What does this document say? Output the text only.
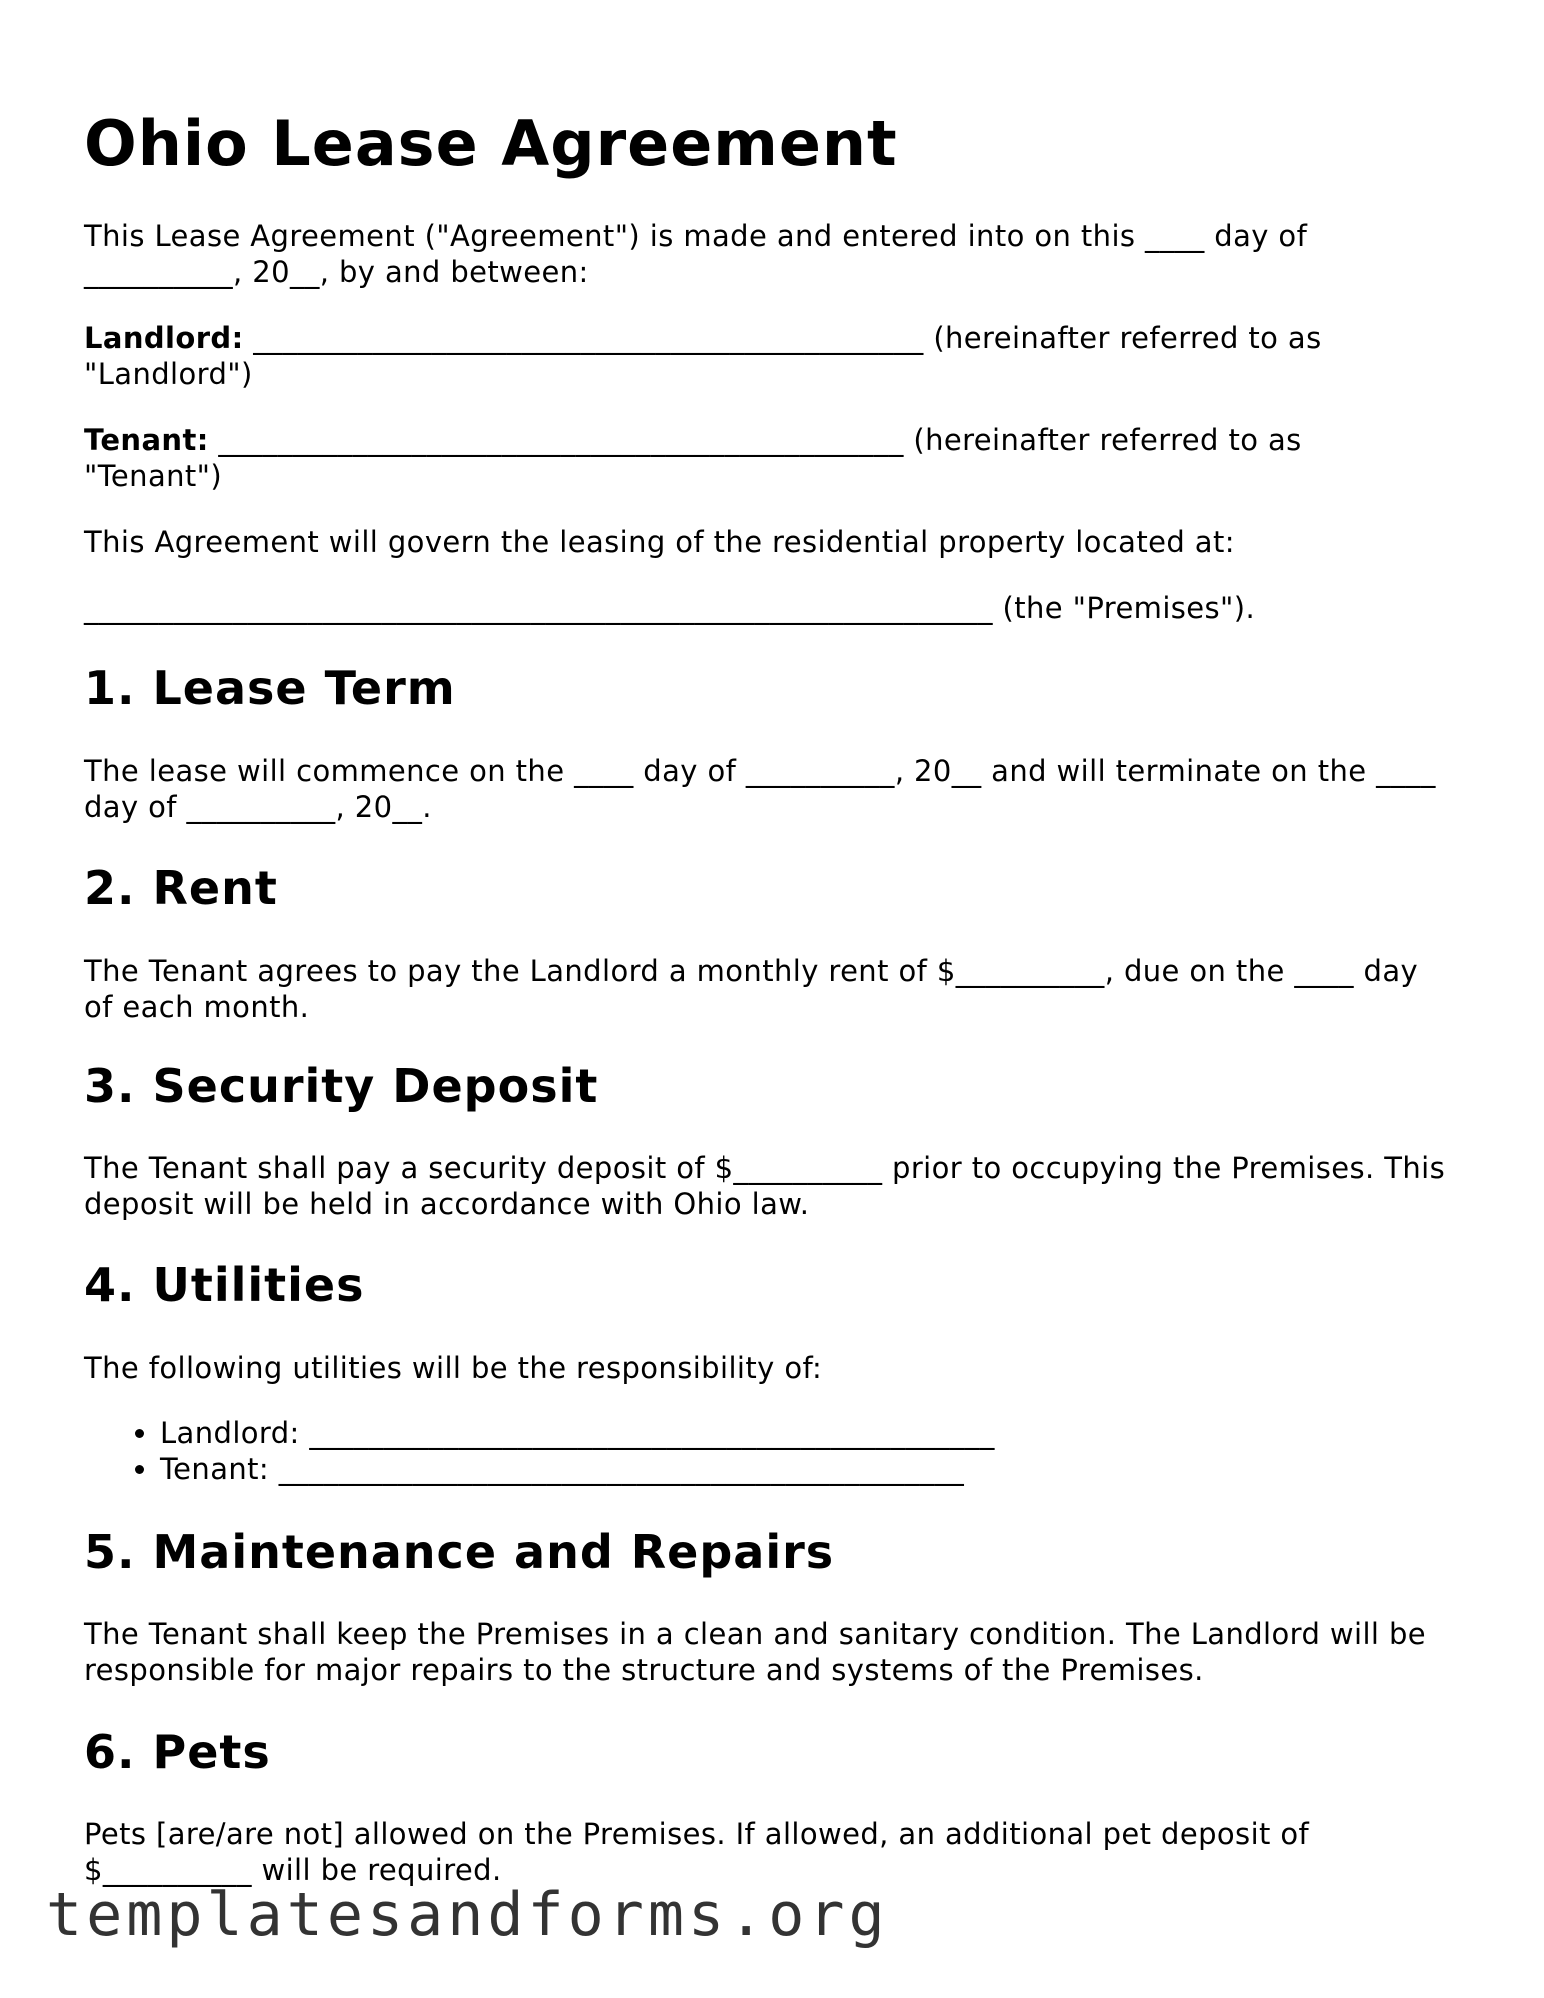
Ohio Lease Agreement

This Lease Agreement ("Agreement") is made and entered into on this ____ day of __________, 20__, by and between:

Landlord: _____________________________________________ (hereinafter referred to as "Landlord")

Tenant: ______________________________________________ (hereinafter referred to as "Tenant")

This Agreement will govern the leasing of the residential property located at:

_____________________________________________________________ (the "Premises").

1. Lease Term

The lease will commence on the ____ day of __________, 20__ and will terminate on the ____ day of __________, 20__.

2. Rent

The Tenant agrees to pay the Landlord a monthly rent of $__________, due on the ____ day of each month.

3. Security Deposit

The Tenant shall pay a security deposit of $__________ prior to occupying the Premises. This deposit will be held in accordance with Ohio law.

4. Utilities

The following utilities will be the responsibility of:

• Landlord: ______________________________________________
• Tenant: ______________________________________________
5. Maintenance and Repairs

The Tenant shall keep the Premises in a clean and sanitary condition. The Landlord will be responsible for major repairs to the structure and systems of the Premises.

6. Pets

Pets [are/are not] allowed on the Premises. If allowed, an additional pet deposit of $__________ will be required.

templatesandforms.org
